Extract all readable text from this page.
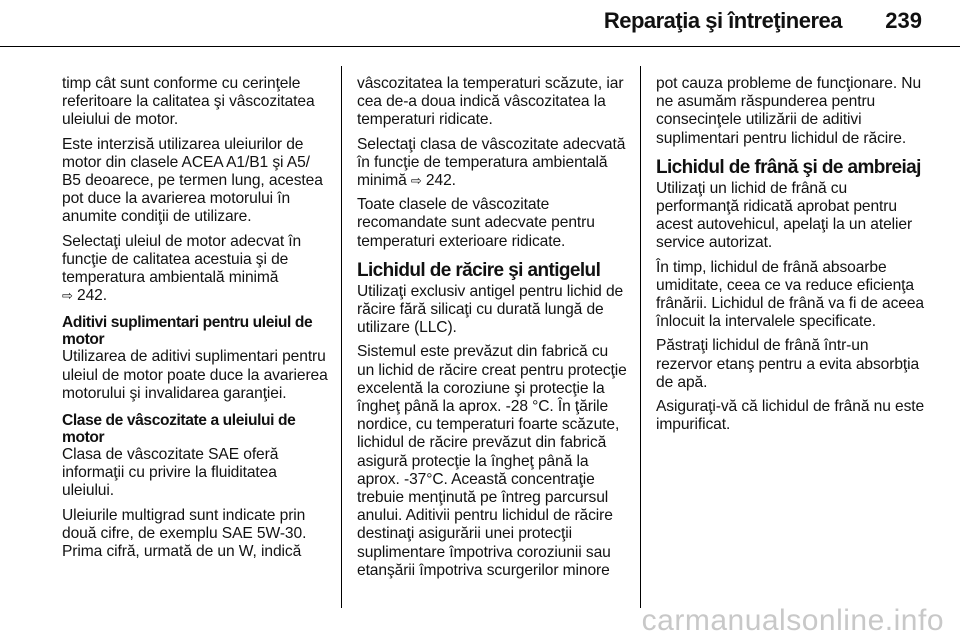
Reparaţia şi întreţinerea 239

timp cât sunt conforme cu cerinţele referitoare la calitatea şi vâscozitatea uleiului de motor.

Este interzisă utilizarea uleiurilor de motor din clasele ACEA A1/B1 şi A5/ B5 deoarece, pe termen lung, acestea pot duce la avarierea motorului în anumite condiţii de utilizare.

Selectaţi uleiul de motor adecvat în funcţie de calitatea acestuia şi de temperatura ambientală minimă
⇨ 242.

Aditivi suplimentari pentru uleiul de motor

Utilizarea de aditivi suplimentari pentru uleiul de motor poate duce la avarierea motorului şi invalidarea garanţiei.

Clase de vâscozitate a uleiului de motor

Clasa de vâscozitate SAE oferă informaţii cu privire la fluiditatea uleiului.

Uleiurile multigrad sunt indicate prin două cifre, de exemplu SAE 5W-30. Prima cifră, urmată de un W, indică

vâscozitatea la temperaturi scăzute, iar cea de-a doua indică vâscozitatea la temperaturi ridicate.

Selectaţi clasa de vâscozitate adecvată în funcţie de temperatura ambientală minimă ⇨ 242.

Toate clasele de vâscozitate recomandate sunt adecvate pentru temperaturi exterioare ridicate.

Lichidul de răcire şi antigelul

Utilizaţi exclusiv antigel pentru lichid de răcire fără silicaţi cu durată lungă de utilizare (LLC).

Sistemul este prevăzut din fabrică cu un lichid de răcire creat pentru protecţie excelentă la coroziune şi protecţie la îngheţ până la aprox. -28 °C. În ţările nordice, cu temperaturi foarte scăzute, lichidul de răcire prevăzut din fabrică asigură protecţie la îngheţ până la aprox. -37°C. Această concentraţie trebuie menţinută pe întreg parcursul anului. Aditivii pentru lichidul de răcire destinaţi asigurării unei protecţii suplimentare împotriva coroziunii sau etanşării împotriva scurgerilor minore

pot cauza probleme de funcţionare. Nu ne asumăm răspunderea pentru consecinţele utilizării de aditivi suplimentari pentru lichidul de răcire.

Lichidul de frână şi de ambreiaj

Utilizaţi un lichid de frână cu performanţă ridicată aprobat pentru acest autovehicul, apelaţi la un atelier service autorizat.

În timp, lichidul de frână absoarbe umiditate, ceea ce va reduce eficienţa frânării. Lichidul de frână va fi de aceea înlocuit la intervalele specificate.

Păstraţi lichidul de frână într-un rezervor etanş pentru a evita absorbţia de apă.

Asiguraţi-vă că lichidul de frână nu este impurificat.

carmanualsonline.info
